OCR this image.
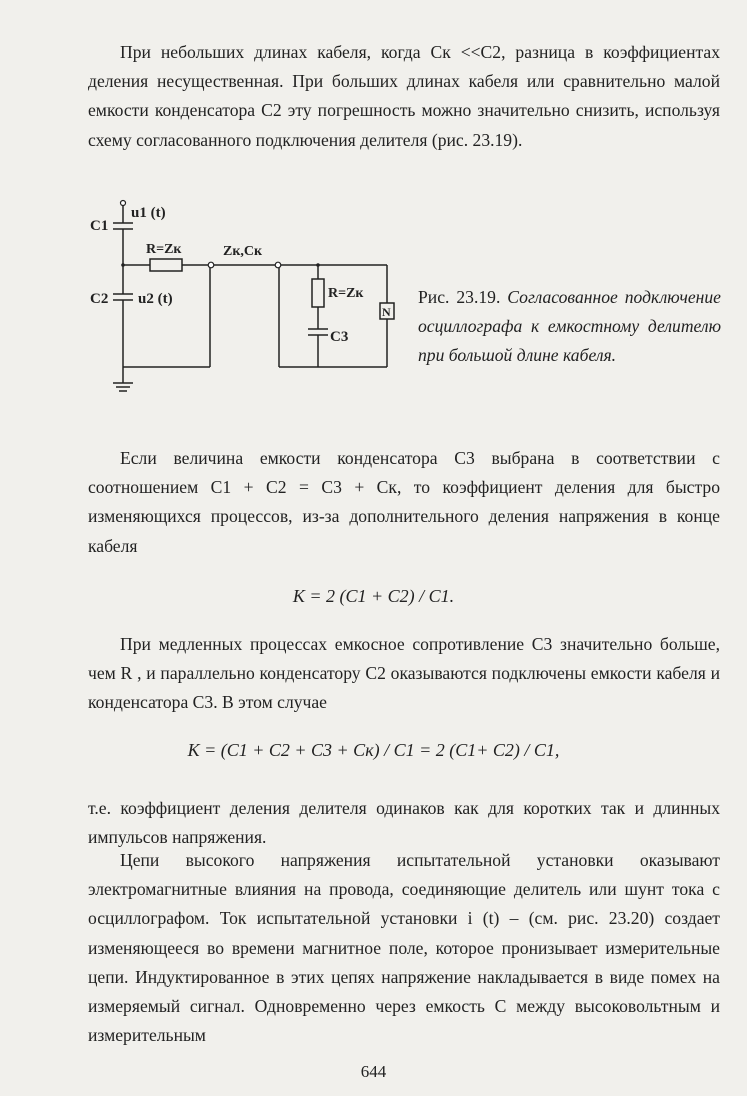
При небольших длинах кабеля, когда Cк <<C2, разница в коэффициентах деления несущественная. При больших длинах кабеля или сравнительно малой емкости конденсатора C2 эту погрешность можно значительно снизить, используя схему согласованного подключения делителя (рис. 23.19).
C1
u1 (t)
R=Zк	Zк,Cк
C2 u2 (t)	R=Zк
C3
N
Рис. 23.19. Согласованное подключение осциллографа к емкостному делителю при большой длине кабеля.
Если величина емкости конденсатора C3 выбрана в соответствии с соотношением C1 + C2 = C3 + Cк, то коэффициент деления для быстро изменяющихся процессов, из-за дополнительного деления напряжения в конце кабеля
K = 2 (C1 + C2) / C1.
При медленных процессах емкосное сопротивление C3 значительно больше, чем R , и параллельно конденсатору C2 оказываются подключены емкости кабеля и конденсатора C3. В этом случае
K = (C1 + C2 + C3 + Cк) / C1 = 2 (C1+ C2) / C1,
т.е. коэффициент деления делителя одинаков как для коротких так и длинных импульсов напряжения.
Цепи высокого напряжения испытательной установки оказывают электромагнитные влияния на провода, соединяющие делитель или шунт тока с осциллографом. Ток испытательной установки i (t) – (см. рис. 23.20) создает изменяющееся во времени магнитное поле, которое пронизывает измерительные цепи. Индуктированное в этих цепях напряжение накладывается в виде помех на измеряемый сигнал. Одновременно через емкость C между высоковольтным и измерительным
644
